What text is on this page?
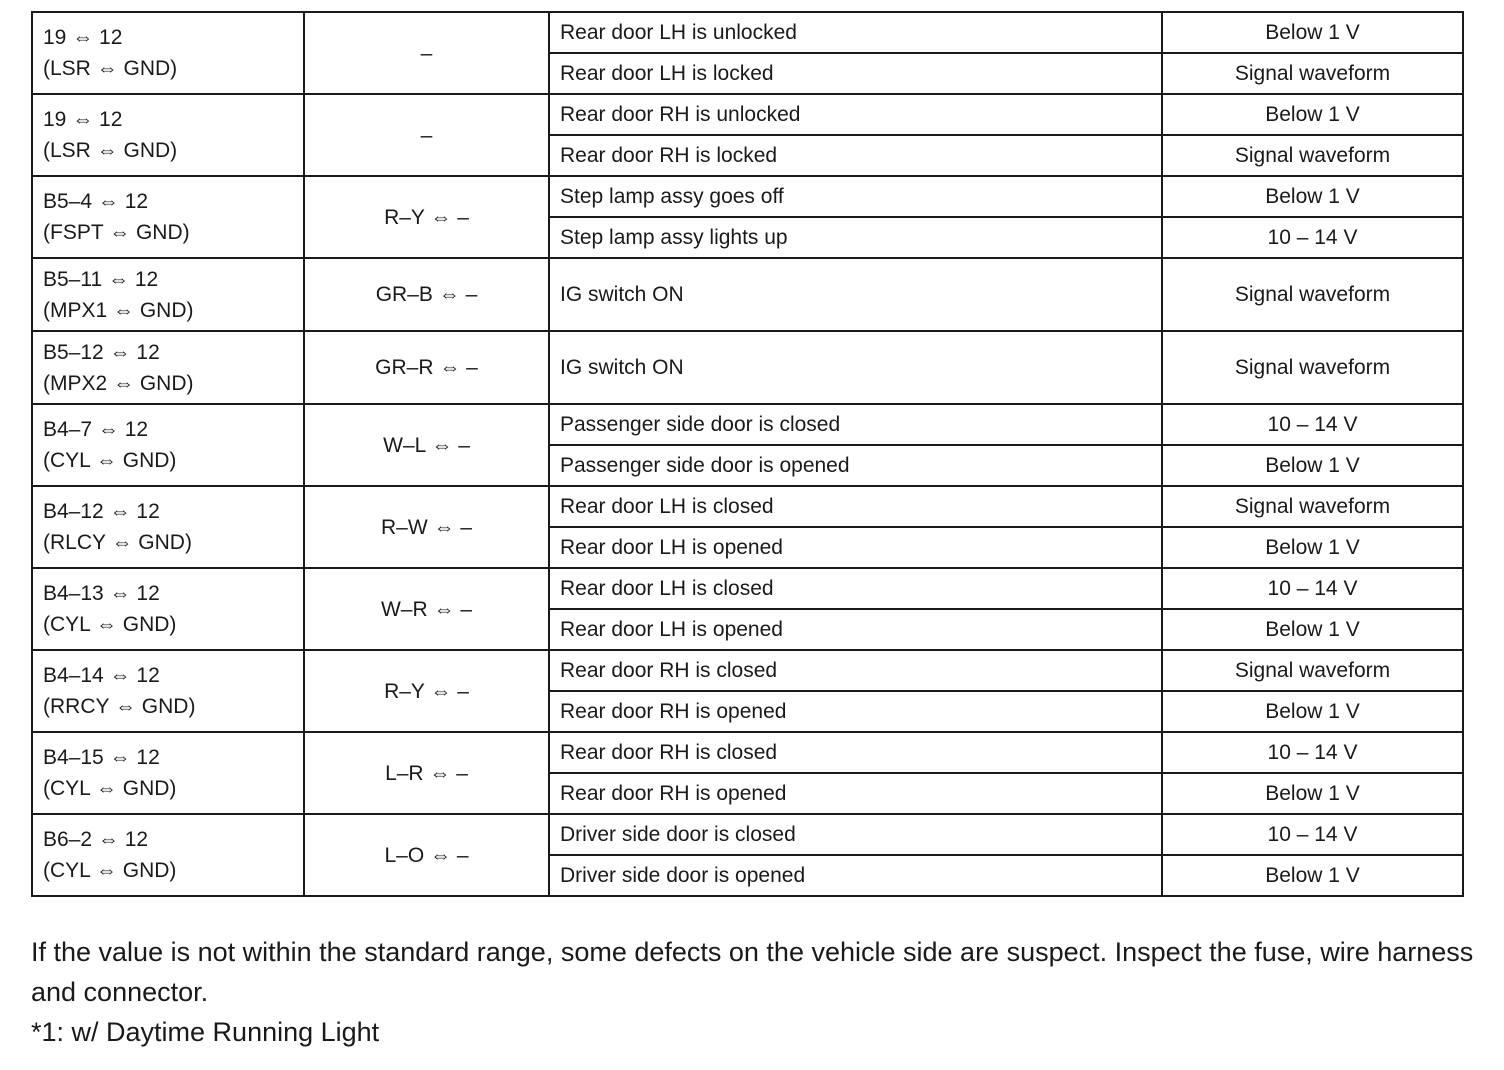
19 ⇔ 12
(LSR ⇔ GND)	–	Rear door LH is unlocked	Below 1 V
		Rear door LH is locked	Signal waveform

19 ⇔ 12
(LSR ⇔ GND)	–	Rear door RH is unlocked	Below 1 V
		Rear door RH is locked	Signal waveform

B5–4 ⇔ 12
(FSPT ⇔ GND)	R–Y ⇔ –	Step lamp assy goes off	Below 1 V
		Step lamp assy lights up	10 – 14 V

B5–11 ⇔ 12
(MPX1 ⇔ GND)	GR–B ⇔ –	IG switch ON	Signal waveform

B5–12 ⇔ 12
(MPX2 ⇔ GND)	GR–R ⇔ –	IG switch ON	Signal waveform

B4–7 ⇔ 12
(CYL ⇔ GND)	W–L ⇔ –	Passenger side door is closed	10 – 14 V
		Passenger side door is opened	Below 1 V

B4–12 ⇔ 12
(RLCY ⇔ GND)	R–W ⇔ –	Rear door LH is closed	Signal waveform
		Rear door LH is opened	Below 1 V

B4–13 ⇔ 12
(CYL ⇔ GND)	W–R ⇔ –	Rear door LH is closed	10 – 14 V
		Rear door LH is opened	Below 1 V

B4–14 ⇔ 12
(RRCY ⇔ GND)	R–Y ⇔ –	Rear door RH is closed	Signal waveform
		Rear door RH is opened	Below 1 V

B4–15 ⇔ 12
(CYL ⇔ GND)	L–R ⇔ –	Rear door RH is closed	10 – 14 V
		Rear door RH is opened	Below 1 V

B6–2 ⇔ 12
(CYL ⇔ GND)	L–O ⇔ –	Driver side door is closed	10 – 14 V
		Driver side door is opened	Below 1 V

If the value is not within the standard range, some defects on the vehicle side are suspect. Inspect the fuse, wire harness and connector.

*1: w/ Daytime Running Light
